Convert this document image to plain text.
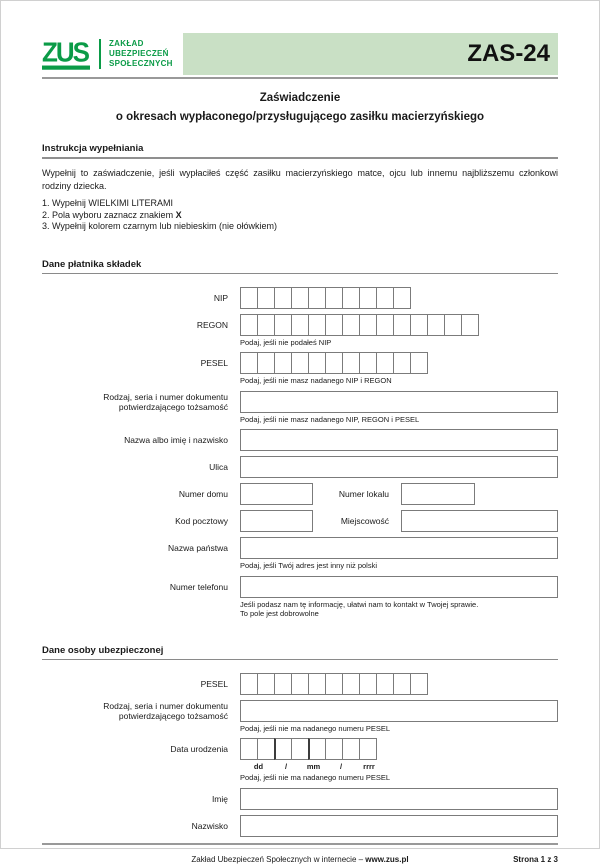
ZUS	ZAKŁAD
UBEZPIECZEŃ
SPOŁECZNYCH	ZAS-24
Zaświadczenie
o okresach wypłaconego/przysługującego zasiłku macierzyńskiego
Instrukcja wypełniania
Wypełnij to zaświadczenie, jeśli wypłaciłeś część zasiłku macierzyńskiego matce, ojcu lub innemu najbliższemu członkowi rodziny dziecka.
1. Wypełnij WIELKIMI LITERAMI
2. Pola wyboru zaznacz znakiem X
3. Wypełnij kolorem czarnym lub niebieskim (nie ołówkiem)
Dane płatnika składek
NIP
REGON
Podaj, jeśli nie podałeś NIP
PESEL
Podaj, jeśli nie masz nadanego NIP i REGON
Rodzaj, seria i numer dokumentu
potwierdzającego tożsamość
Podaj, jeśli nie masz nadanego NIP, REGON i PESEL
Nazwa albo imię i nazwisko
Ulica
Numer domu	Numer lokalu
Kod pocztowy	Miejscowość
Nazwa państwa
Podaj, jeśli Twój adres jest inny niż polski
Numer telefonu
Jeśli podasz nam tę informację, ułatwi nam to kontakt w Twojej sprawie.
To pole jest dobrowolne
Dane osoby ubezpieczonej
PESEL
Rodzaj, seria i numer dokumentu
potwierdzającego tożsamość
Podaj, jeśli nie ma nadanego numeru PESEL
Data urodzenia
dd	/	mm	/	rrrr
Podaj, jeśli nie ma nadanego numeru PESEL
Imię
Nazwisko
Zakład Ubezpieczeń Społecznych w internecie – www.zus.pl	Strona 1 z 3
